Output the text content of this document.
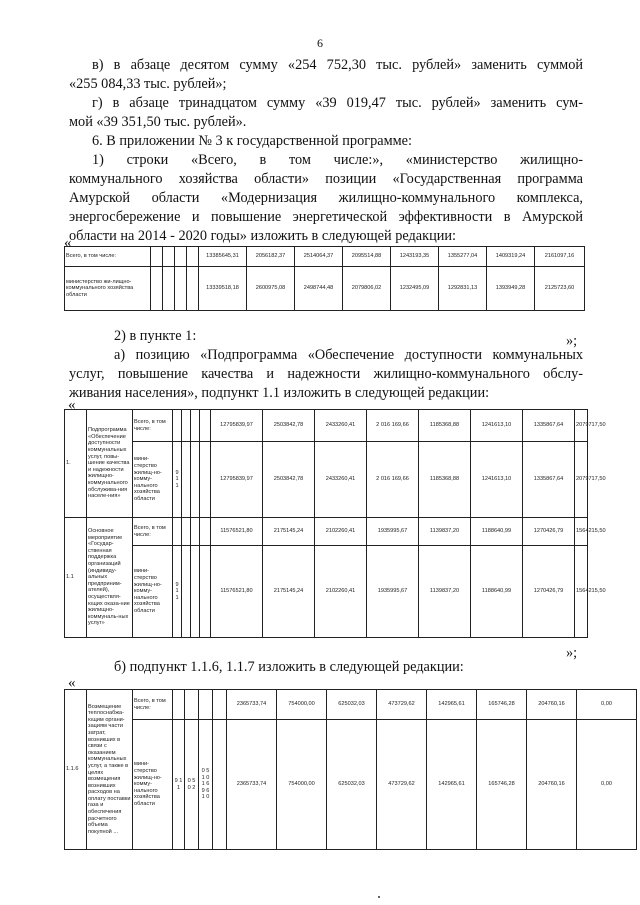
6
в) в абзаце десятом сумму «254 752,30 тыс. рублей» заменить суммой
«255 084,33 тыс. рублей»;
г) в абзаце тринадцатом сумму «39 019,47 тыс. рублей» заменить сум-
мой «39 351,50 тыс. рублей».
6. В приложении № 3 к государственной программе:
1) строки «Всего, в том числе:», «министерство жилищно-
коммунального хозяйства области» позиции «Государственная программа
Амурской области «Модернизация жилищно-коммунального комплекса,
энергосбережение и повышение энергетической эффективности в Амурской
области на 2014 - 2020 годы» изложить в следующей редакции:
«
Всего, в том числе:					13385645,31	2056182,37	2514064,37	2095514,88	1243193,35	1355277,04	1409319,24	2161097,16
министерство жи-лищно-коммунального хозяйства области					13339518,18	2600975,08	2498744,48	2079806,02	1232495,09	1292831,13	1393949,28	2125723,60
»;
2) в пункте 1:
а) позицию «Подпрограмма «Обеспечение доступности коммунальных
услуг, повышение качества и надежности жилищно-коммунального обслу-
живания населения», подпункт 1.1 изложить в следующей редакции:
«
1.	Подпрограмма «Обеспечение доступности коммунальных услуг, повы-шение качества и надежности жилищно-коммунального обслужива-ния населе-ния»	Всего, в том числе:					12795839,97	2503842,78	2433260,41	2 016 169,66	1185368,88	1241613,10	1335867,64	2079717,50
		мини-стерство жилищ-но-комму-нального хозяйства области	9 1 1				12795839,97	2503842,78	2433260,41	2 016 169,66	1185368,88	1241613,10	1335867,64	2079717,50
1.1	Основное мероприятие «Государ-ственная поддержка организаций (индивиду-альных предприним-ателей), осуществля-ющих оказа-ние жилищно-коммуналь-ных услуг»	Всего, в том числе:					11576521,80	2175145,24	2102260,41	1935995,67	1139837,20	1188640,99	1270426,79	1564215,50
		мини-стерство жилищ-но-комму-нального хозяйства области	9 1 1				11576521,80	2175145,24	2102260,41	1935995,67	1139837,20	1188640,99	1270426,79	1564215,50
»;
б) подпункт 1.1.6, 1.1.7 изложить в следующей редакции:
«
1.1.6	Возмещение теплоснабжа-ющим органи-зациям части затрат, возникших в связи с оказанием коммунальных услуг, а также в целях возмещения возникших расходов на оплату поставки газа и обеспечения расчетного объема покупной ...	Всего, в том числе:					2365733,74	754000,00	625032,03	473729,62	142965,61	165746,28	204760,16	0,00
		мини-стерство жилищ-но-комму-нального хозяйства области	9 1 1	0 5 0 2	0 5 1 0 1 6 9 6 1 0		2365733,74	754000,00	625032,03	473729,62	142965,61	165746,28	204760,16	0,00
